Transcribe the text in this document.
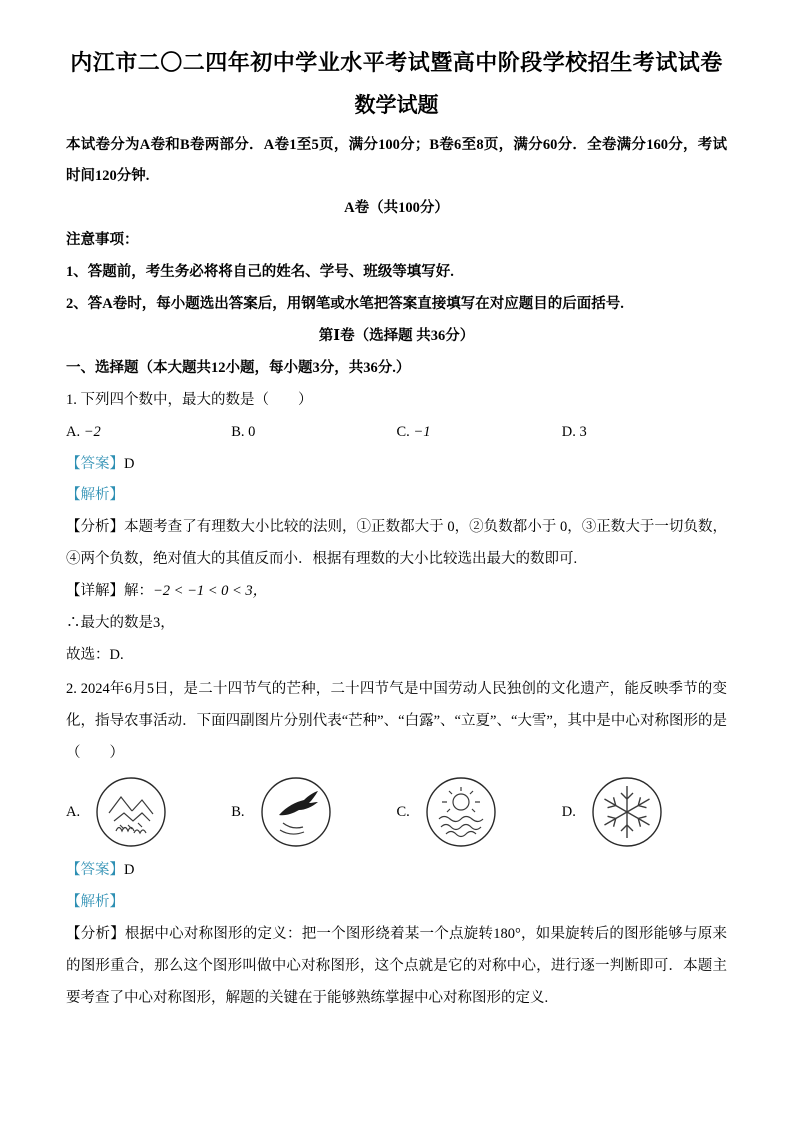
内江市二〇二四年初中学业水平考试暨高中阶段学校招生考试试卷
数学试题

本试卷分为A卷和B卷两部分．A卷1至5页，满分100分；B卷6至8页，满分60分．全卷满分160分，考试时间120分钟.

A卷（共100分）

注意事项：

1、答题前，考生务必将将自己的姓名、学号、班级等填写好.

2、答A卷时，每小题选出答案后，用钢笔或水笔把答案直接填写在对应题目的后面括号.

第Ⅰ卷（选择题 共36分）

一、选择题（本大题共12小题，每小题3分，共36分.）

1. 下列四个数中，最大的数是（　　）

A. −2	B. 0	C. −1	D. 3

【答案】D

【解析】

【分析】本题考查了有理数大小比较的法则，①正数都大于 0，②负数都小于 0，③正数大于一切负数，④两个负数，绝对值大的其值反而小．根据有理数的大小比较选出最大的数即可.

【详解】解：−2 < −1 < 0 < 3，

∴最大的数是3，

故选：D.

2. 2024年6月5日，是二十四节气的芒种，二十四节气是中国劳动人民独创的文化遗产，能反映季节的变化，指导农事活动．下面四副图片分别代表“芒种”、“白露”、“立夏”、“大雪”，其中是中心对称图形的是（　　）

A.	B.	C.	D.

【答案】D

【解析】

【分析】根据中心对称图形的定义：把一个图形绕着某一个点旋转180°，如果旋转后的图形能够与原来的图形重合，那么这个图形叫做中心对称图形，这个点就是它的对称中心，进行逐一判断即可．本题主要考查了中心对称图形，解题的关键在于能够熟练掌握中心对称图形的定义.
